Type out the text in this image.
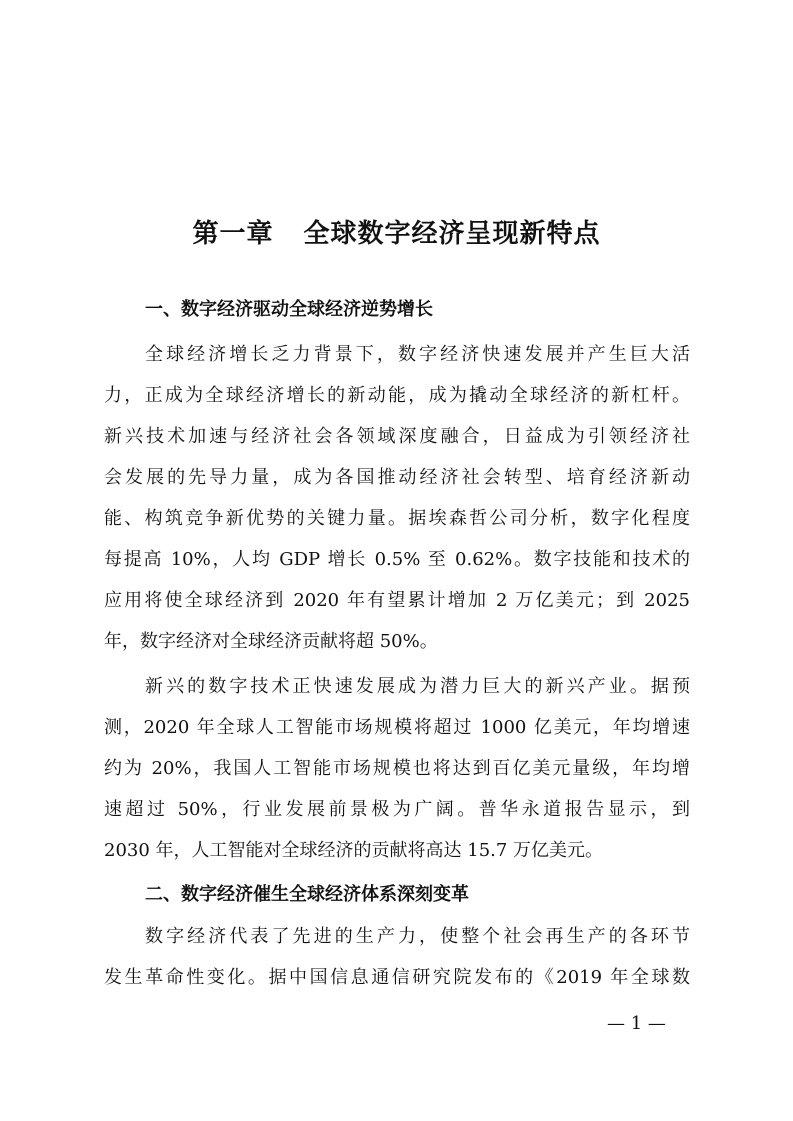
第一章 全球数字经济呈现新特点
一、数字经济驱动全球经济逆势增长
全球经济增长乏力背景下，数字经济快速发展并产生巨大活
力，正成为全球经济增长的新动能，成为撬动全球经济的新杠杆。
新兴技术加速与经济社会各领域深度融合，日益成为引领经济社
会发展的先导力量，成为各国推动经济社会转型、培育经济新动
能、构筑竞争新优势的关键力量。据埃森哲公司分析，数字化程度
每提高 10%，人均 GDP 增长 0.5% 至 0.62%。数字技能和技术的
应用将使全球经济到 2020 年有望累计增加 2 万亿美元；到 2025
年，数字经济对全球经济贡献将超 50%。
新兴的数字技术正快速发展成为潜力巨大的新兴产业。据预
测，2020 年全球人工智能市场规模将超过 1000 亿美元，年均增速
约为 20%，我国人工智能市场规模也将达到百亿美元量级，年均增
速超过 50%，行业发展前景极为广阔。普华永道报告显示，到
2030 年，人工智能对全球经济的贡献将高达 15.7 万亿美元。
二、数字经济催生全球经济体系深刻变革
数字经济代表了先进的生产力，使整个社会再生产的各环节
发生革命性变化。据中国信息通信研究院发布的《2019 年全球数
— 1 —
